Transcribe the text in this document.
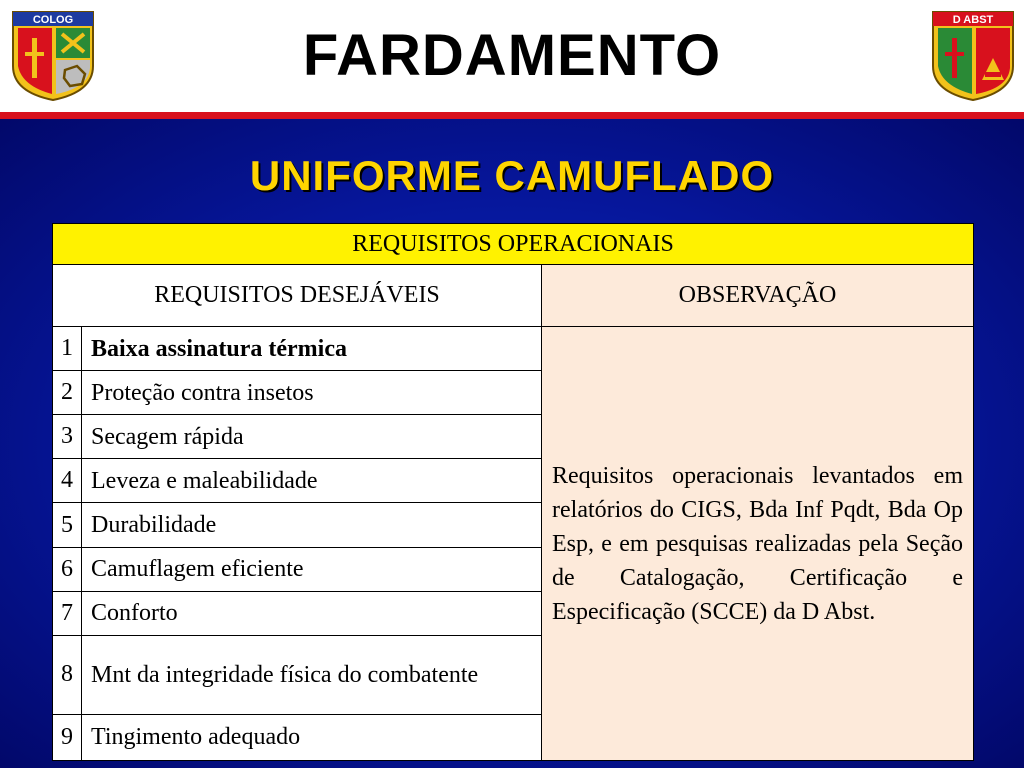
COLOG
FARDAMENTO
D ABST
UNIFORME CAMUFLADO
REQUISITOS OPERACIONAIS		
REQUISITOS DESEJÁVEIS		OBSERVAÇÃO
1	Baixa assinatura térmica	Requisitos operacionais levantados em relatórios do CIGS, Bda Inf Pqdt, Bda Op Esp, e em pesquisas realizadas pela Seção de Catalogação, Certificação e Especificação (SCCE) da D Abst.
2	Proteção contra insetos	
3	Secagem rápida	
4	Leveza e maleabilidade	
5	Durabilidade	
6	Camuflagem eficiente	
7	Conforto	
8	Mnt da integridade física do combatente	
9	Tingimento adequado	
